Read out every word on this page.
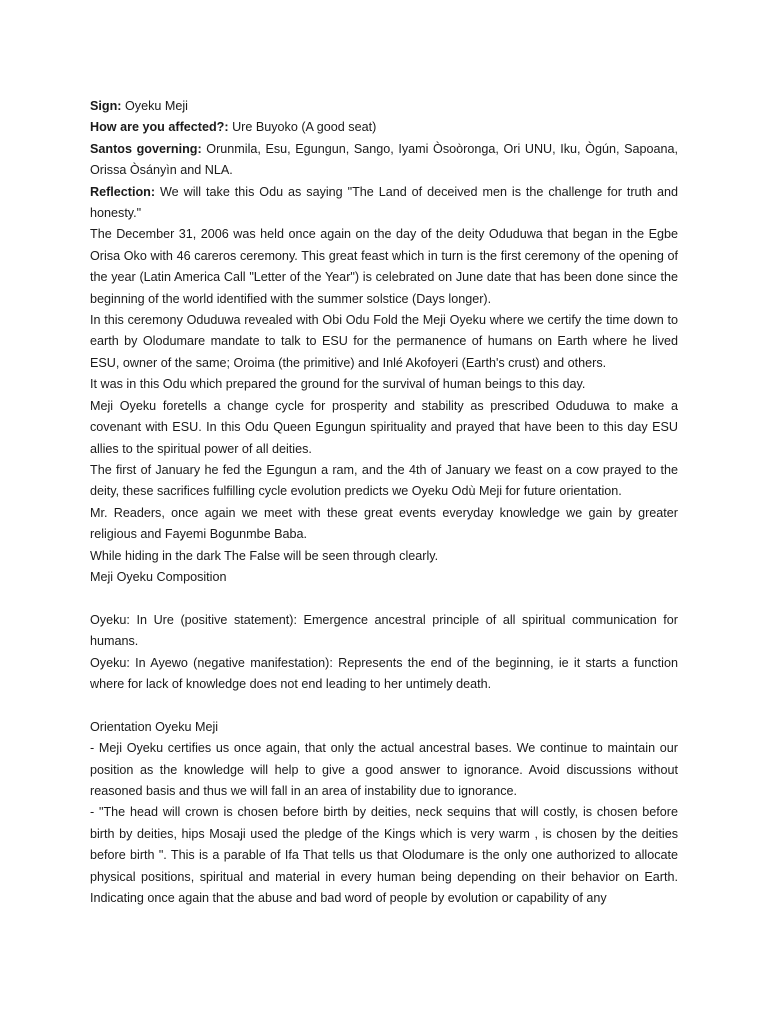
Sign: Oyeku Meji

How are you affected?: Ure Buyoko (A good seat)

Santos governing: Orunmila, Esu, Egungun, Sango, Iyami Òsoòronga, Ori UNU, Iku, Ògún, Sapoana, Orissa Òsányìn and NLA.

Reflection: We will take this Odu as saying "The Land of deceived men is the challenge for truth and honesty."

The December 31, 2006 was held once again on the day of the deity Oduduwa that began in the Egbe Orisa Oko with 46 careros ceremony. This great feast which in turn is the first ceremony of the opening of the year (Latin America Call "Letter of the Year") is celebrated on June date that has been done since the beginning of the world identified with the summer solstice (Days longer).

In this ceremony Oduduwa revealed with Obi Odu Fold the Meji Oyeku where we certify the time down to earth by Olodumare mandate to talk to ESU for the permanence of humans on Earth where he lived ESU, owner of the same; Oroima (the primitive) and Inlé Akofoyeri (Earth's crust) and others.

It was in this Odu which prepared the ground for the survival of human beings to this day.

Meji Oyeku foretells a change cycle for prosperity and stability as prescribed Oduduwa to make a covenant with ESU. In this Odu Queen Egungun spirituality and prayed that have been to this day ESU allies to the spiritual power of all deities.

The first of January he fed the Egungun a ram, and the 4th of January we feast on a cow prayed to the deity, these sacrifices fulfilling cycle evolution predicts we Oyeku Odù Meji for future orientation.

Mr. Readers, once again we meet with these great events everyday knowledge we gain by greater religious and Fayemi Bogunmbe Baba.

While hiding in the dark The False will be seen through clearly.

Meji Oyeku Composition

Oyeku: In Ure (positive statement): Emergence ancestral principle of all spiritual communication for humans.

Oyeku: In Ayewo (negative manifestation): Represents the end of the beginning, ie it starts a function where for lack of knowledge does not end leading to her untimely death.

Orientation Oyeku Meji

- Meji Oyeku certifies us once again, that only the actual ancestral bases. We continue to maintain our position as the knowledge will help to give a good answer to ignorance. Avoid discussions without reasoned basis and thus we will fall in an area of instability due to ignorance.

- "The head will crown is chosen before birth by deities, neck sequins that will costly, is chosen before birth by deities, hips Mosaji used the pledge of the Kings which is very warm , is chosen by the deities before birth ". This is a parable of Ifa That tells us that Olodumare is the only one authorized to allocate physical positions, spiritual and material in every human being depending on their behavior on Earth. Indicating once again that the abuse and bad word of people by evolution or capability of any
